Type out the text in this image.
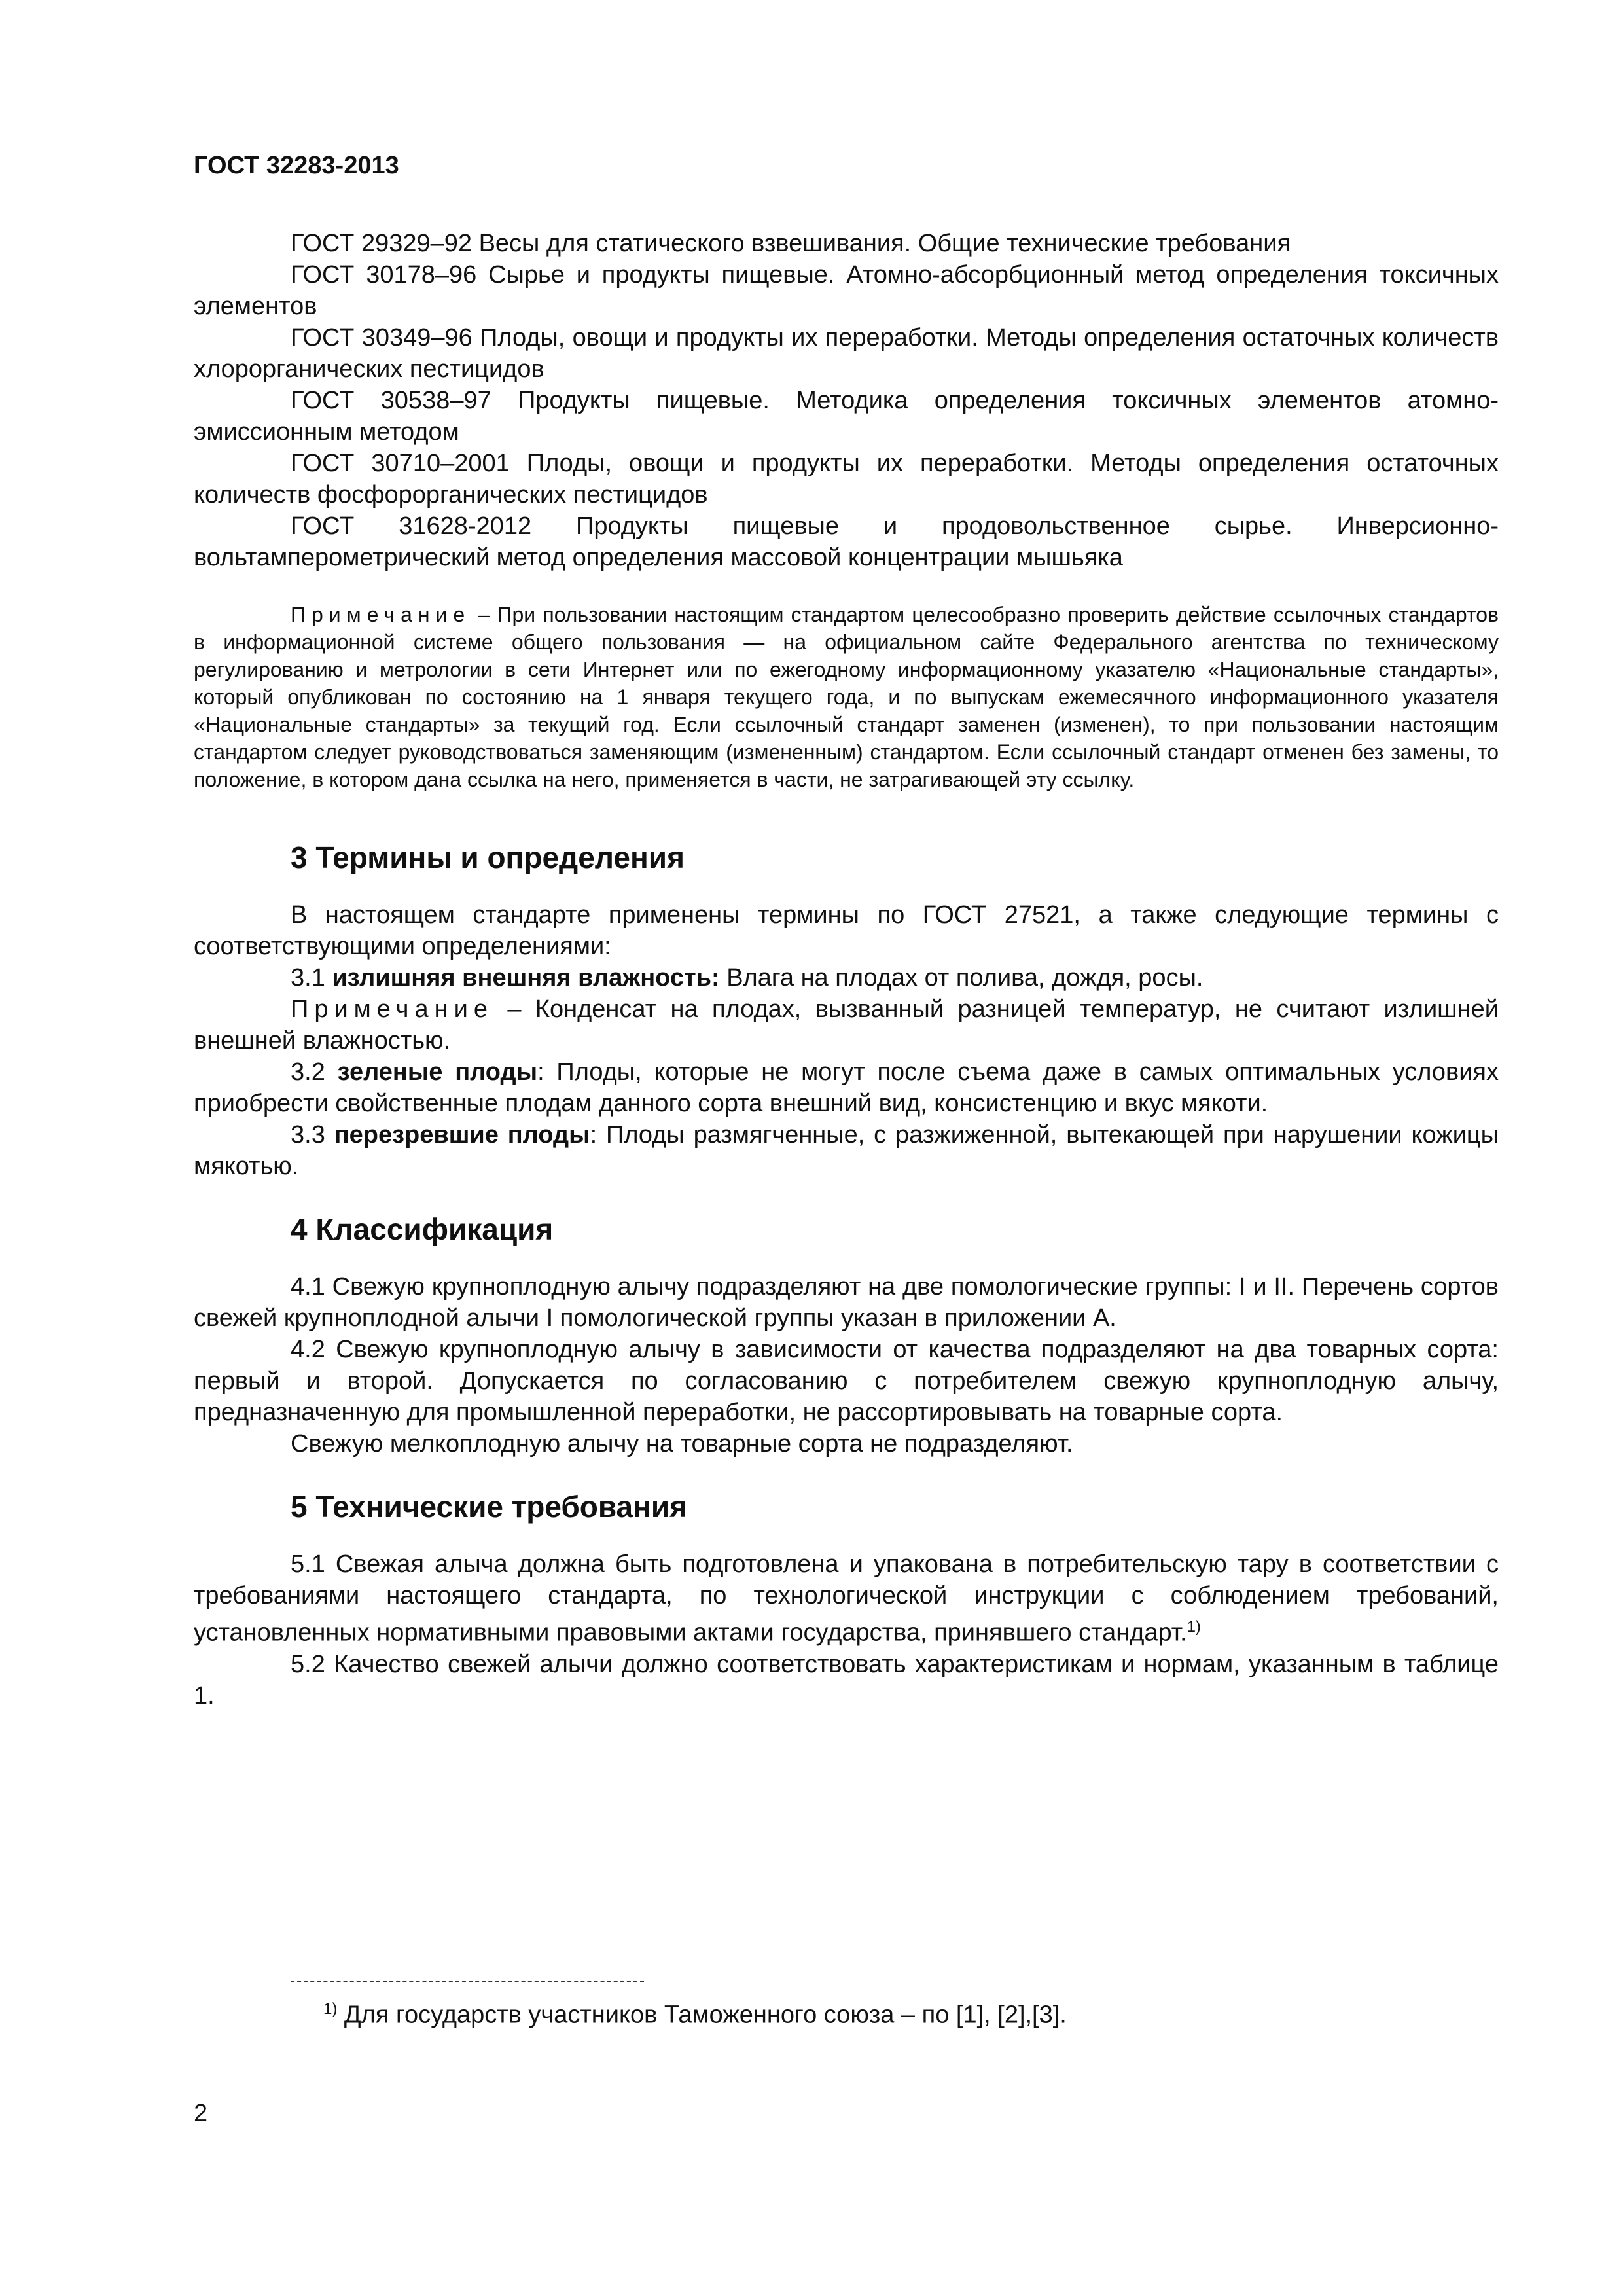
ГОСТ 32283-2013

ГОСТ 29329–92 Весы для статического взвешивания. Общие технические требования

ГОСТ 30178–96 Сырье и продукты пищевые. Атомно-абсорбционный метод определения токсичных элементов

ГОСТ 30349–96 Плоды, овощи и продукты их переработки. Методы определения остаточных количеств хлорорганических пестицидов

ГОСТ 30538–97 Продукты пищевые. Методика определения токсичных элементов атомно-эмиссионным методом

ГОСТ 30710–2001 Плоды, овощи и продукты их переработки. Методы определения остаточных количеств фосфорорганических пестицидов

ГОСТ 31628-2012 Продукты пищевые и продовольственное сырье. Инверсионно-вольтамперометрический метод определения массовой концентрации мышьяка

Примечание – При пользовании настоящим стандартом целесообразно проверить действие ссылочных стандартов в информационной системе общего пользования — на официальном сайте Федерального агентства по техническому регулированию и метрологии в сети Интернет или по ежегодному информационному указателю «Национальные стандарты», который опубликован по состоянию на 1 января текущего года, и по выпускам ежемесячного информационного указателя «Национальные стандарты» за текущий год. Если ссылочный стандарт заменен (изменен), то при пользовании настоящим стандартом следует руководствоваться заменяющим (измененным) стандартом. Если ссылочный стандарт отменен без замены, то положение, в котором дана ссылка на него, применяется в части, не затрагивающей эту ссылку.

3 Термины и определения

В настоящем стандарте применены термины по ГОСТ 27521, а также следующие термины с соответствующими определениями:

3.1 излишняя внешняя влажность: Влага на плодах от полива, дождя, росы.

Примечание – Конденсат на плодах, вызванный разницей температур, не считают излишней внешней влажностью.

3.2 зеленые плоды: Плоды, которые не могут после съема даже в самых оптимальных условиях приобрести свойственные плодам данного сорта внешний вид, консистенцию и вкус мякоти.

3.3 перезревшие плоды: Плоды размягченные, с разжиженной, вытекающей при нарушении кожицы мякотью.

4 Классификация

4.1 Свежую крупноплодную алычу подразделяют на две помологические группы: I и II. Перечень сортов свежей крупноплодной алычи I помологической группы указан в приложении А.

4.2 Свежую крупноплодную алычу в зависимости от качества подразделяют на два товарных сорта: первый и второй. Допускается по согласованию с потребителем свежую крупноплодную алычу, предназначенную для промышленной переработки, не рассортировывать на товарные сорта.

Свежую мелкоплодную алычу на товарные сорта не подразделяют.

5 Технические требования

5.1 Свежая алыча должна быть подготовлена и упакована в потребительскую тару в соответствии с требованиями настоящего стандарта, по технологической инструкции с соблюдением требований, установленных нормативными правовыми актами государства, принявшего стандарт.$^{1)}$

5.2 Качество свежей алычи должно соответствовать характеристикам и нормам, указанным в таблице 1.

$^{1)}$ Для государств участников Таможенного союза – по [1], [2],[3].
2
